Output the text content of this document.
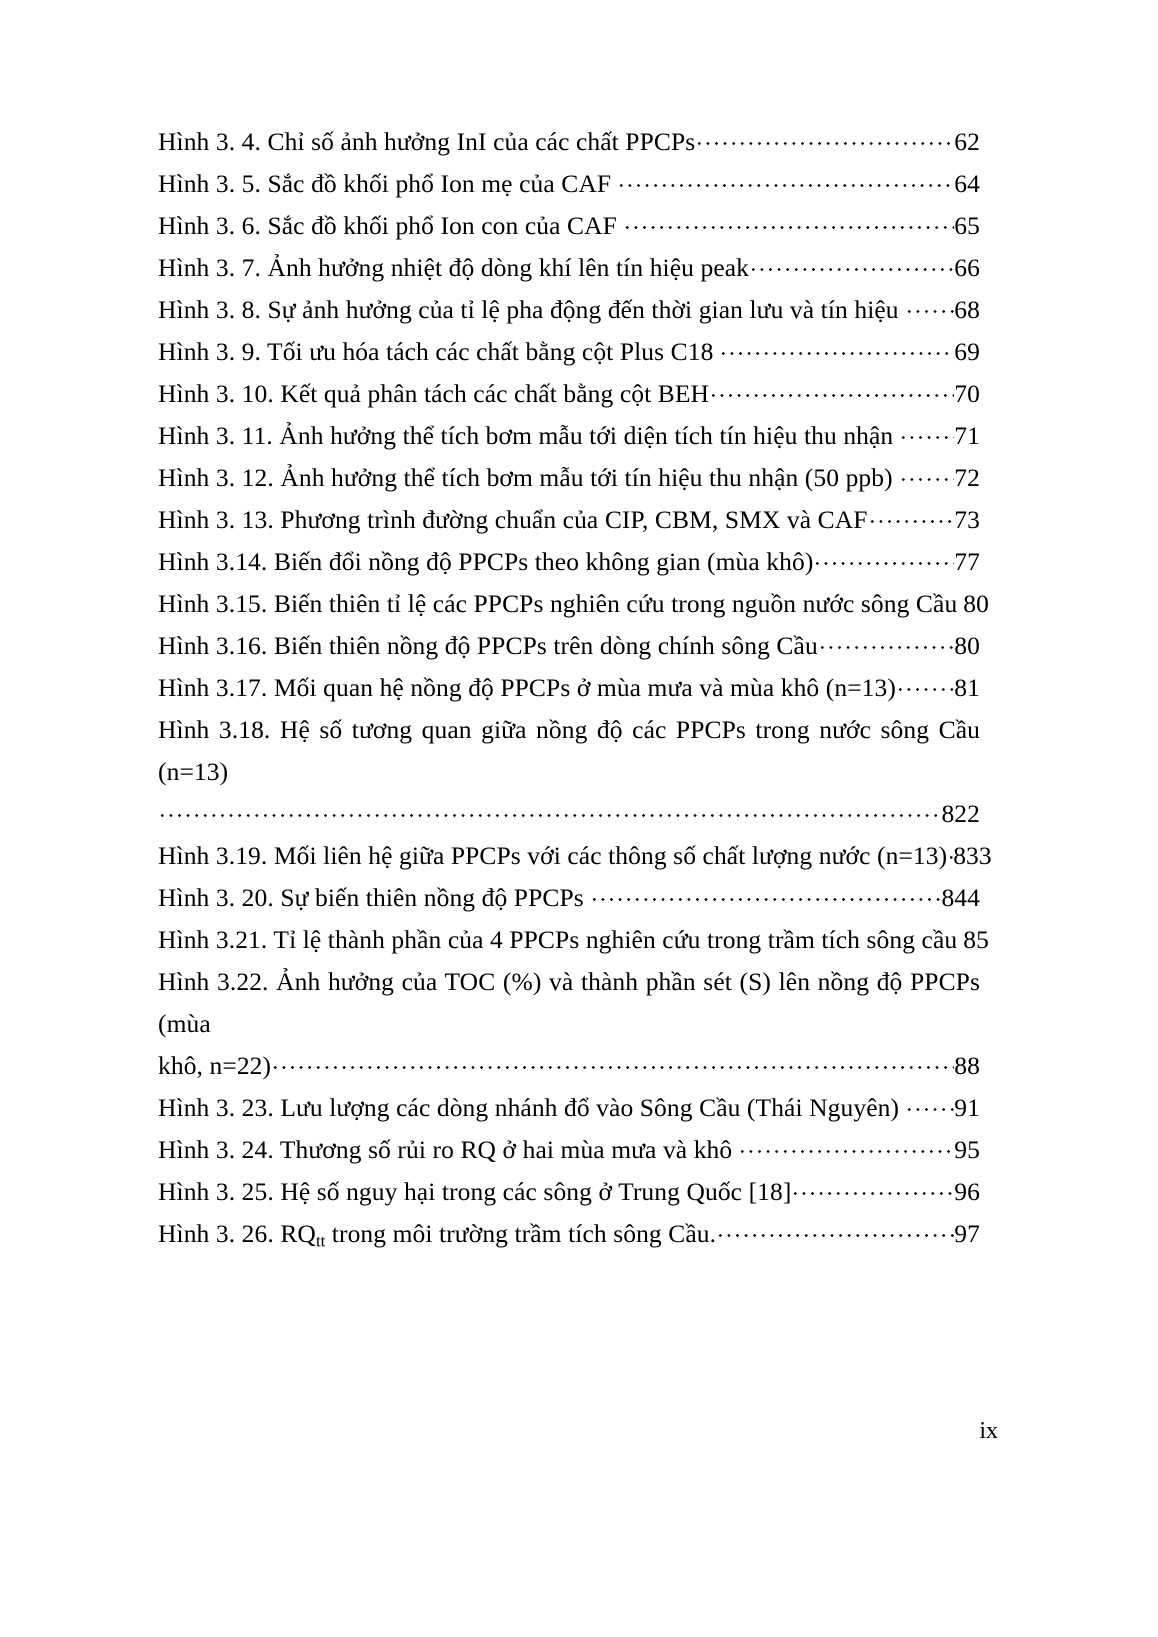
Hình 3. 4. Chỉ số ảnh hưởng InI của các chất PPCPs	62
Hình 3. 5. Sắc đồ khối phổ Ion mẹ của CAF	64
Hình 3. 6. Sắc đồ khối phổ Ion con của CAF	65
Hình 3. 7. Ảnh hưởng nhiệt độ dòng khí lên tín hiệu peak	66
Hình 3. 8. Sự ảnh hưởng của tỉ lệ pha động đến thời gian lưu và tín hiệu 68
Hình 3. 9. Tối ưu hóa tách các chất bằng cột Plus C18	69
Hình 3. 10. Kết quả phân tách các chất bằng cột BEH	70
Hình 3. 11. Ảnh hưởng thể tích bơm mẫu tới diện tích tín hiệu thu nhận 71
Hình 3. 12. Ảnh hưởng thể tích bơm mẫu tới tín hiệu thu nhận (50 ppb) 72
Hình 3. 13. Phương trình đường chuẩn của CIP, CBM, SMX và CAF	73
Hình 3.14. Biến đổi nồng độ PPCPs theo không gian (mùa khô)	77
Hình 3.15. Biến thiên tỉ lệ các PPCPs nghiên cứu trong nguồn nước sông Cầu 80
Hình 3.16. Biến thiên nồng độ PPCPs trên dòng chính sông Cầu	80
Hình 3.17. Mối quan hệ nồng độ PPCPs ở mùa mưa và mùa khô (n=13) 81
Hình 3.18. Hệ số tương quan giữa nồng độ các PPCPs trong nước sông Cầu (n=13)
822
Hình 3.19. Mối liên hệ giữa PPCPs với các thông số chất lượng nước (n=13) 833
Hình 3. 20. Sự biến thiên nồng độ PPCPs	844
Hình 3.21. Tỉ lệ thành phần của 4 PPCPs nghiên cứu trong trầm tích sông cầu 85
Hình 3.22. Ảnh hưởng của TOC (%) và thành phần sét (S) lên nồng độ PPCPs (mùa
khô, n=22)	88
Hình 3. 23. Lưu lượng các dòng nhánh đổ vào Sông Cầu (Thái Nguyên) 91
Hình 3. 24. Thương số rủi ro RQ ở hai mùa mưa và khô	95
Hình 3. 25. Hệ số nguy hại trong các sông ở Trung Quốc [18]	96
Hình 3. 26. $RQ_{tt}$ trong môi trường trầm tích sông Cầu.	97
ix
